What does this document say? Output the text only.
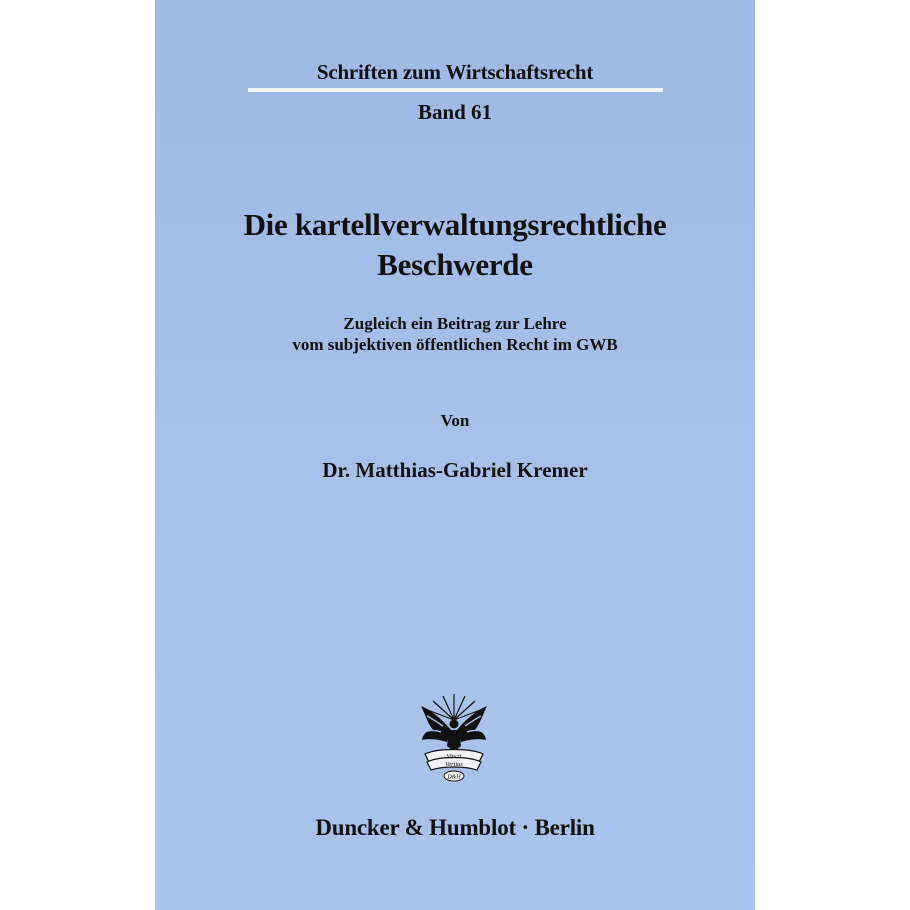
Schriften zum Wirtschaftsrecht
Band 61
Die kartellverwaltungsrechtliche
Beschwerde
Zugleich ein Beitrag zur Lehre
vom subjektiven öffentlichen Recht im GWB
Von
Dr. Matthias-Gabriel Kremer
Vincit
Veritas
D&H
Duncker & Humblot · Berlin
